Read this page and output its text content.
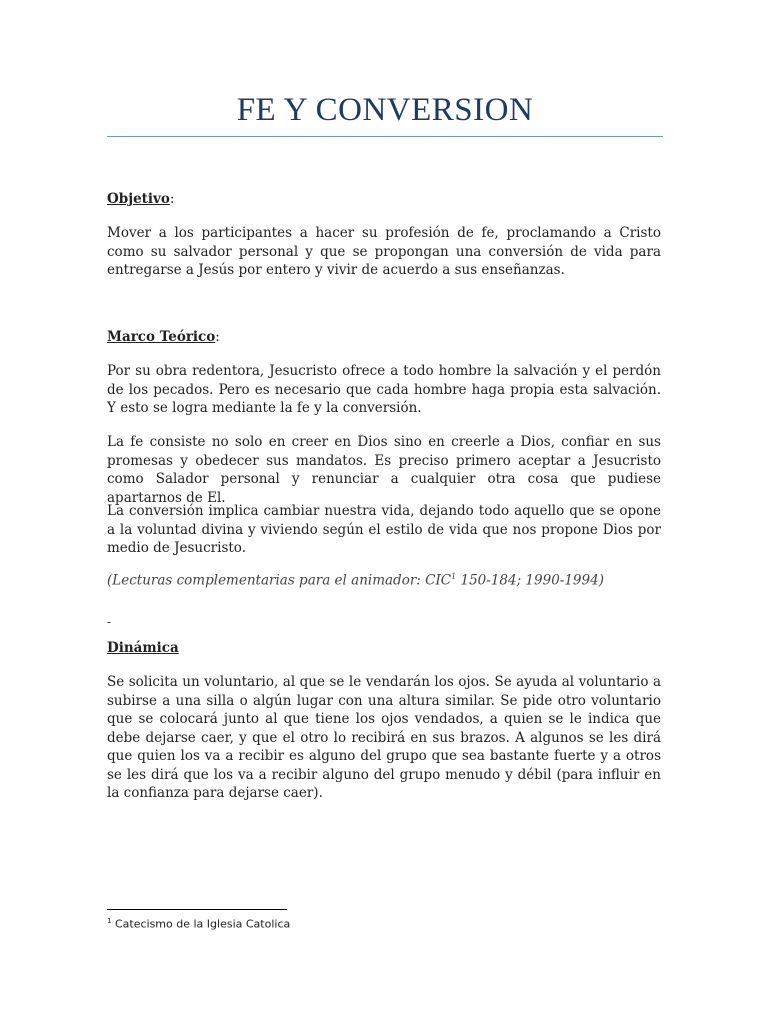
FE Y CONVERSION
Objetivo:
Mover a los participantes a hacer su profesión de fe, proclamando a Cristo como su salvador personal y que se propongan una conversión de vida para entregarse a Jesús por entero y vivir de acuerdo a sus enseñanzas.
Marco Teórico:
Por su obra redentora, Jesucristo ofrece a todo hombre la salvación y el perdón de los pecados. Pero es necesario que cada hombre haga propia esta salvación. Y esto se logra mediante la fe y la conversión.
La fe consiste no solo en creer en Dios sino en creerle a Dios, confiar en sus promesas y obedecer sus mandatos. Es preciso primero aceptar a Jesucristo como Salador personal y renunciar a cualquier otra cosa que pudiese apartarnos de El.
La conversión implica cambiar nuestra vida, dejando todo aquello que se opone a la voluntad divina y viviendo según el estilo de vida que nos propone Dios por medio de Jesucristo.
(Lecturas complementarias para el animador: CIC$^1$ 150-184; 1990-1994)
-
Dinámica
Se solicita un voluntario, al que se le vendarán los ojos. Se ayuda al voluntario a subirse a una silla o algún lugar con una altura similar. Se pide otro voluntario que se colocará junto al que tiene los ojos vendados, a quien se le indica que debe dejarse caer, y que el otro lo recibirá en sus brazos. A algunos se les dirá que quien los va a recibir es alguno del grupo que sea bastante fuerte y a otros se les dirá que los va a recibir alguno del grupo menudo y débil (para influir en la confianza para dejarse caer).
$^1$ Catecismo de la Iglesia Catolica
